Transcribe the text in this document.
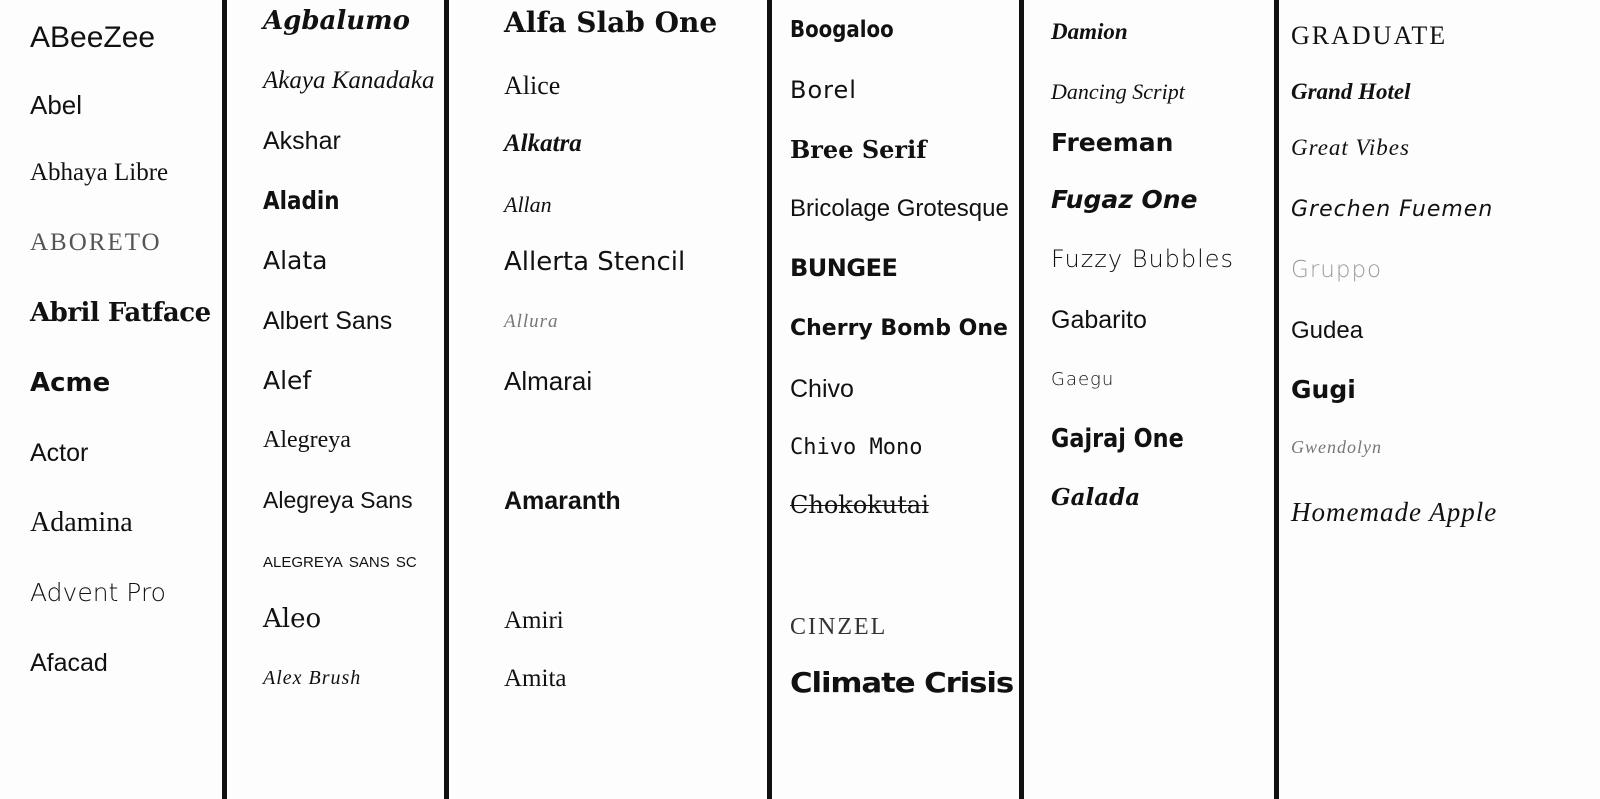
ABeeZee
Abel
Abhaya Libre
ABORETO
Abril Fatface
Acme
Actor
Adamina
Advent Pro
Afacad
Agbalumo
Akaya Kanadaka
Akshar
Aladin
Alata
Albert Sans
Alef
Alegreya
Alegreya Sans
alegreya sans sc
Aleo
Alex Brush
Alfa Slab One
Alice
Alkatra
Allan
Allerta Stencil
Allura
Almarai
Amaranth
Amiri
Amita
Boogaloo
Borel
Bree Serif
Bricolage Grotesque
BUNGEE
Cherry Bomb One
Chivo
Chivo Mono
Chokokutai
CINZEL
Climate Crisis
Damion
Dancing Script
Freeman
Fugaz One
Fuzzy Bubbles
Gabarito
Gaegu
Gajraj One
Galada
GRADUATE
Grand Hotel
Great Vibes
Grechen Fuemen
Gruppo
Gudea
Gugi
Gwendolyn
Homemade Apple
